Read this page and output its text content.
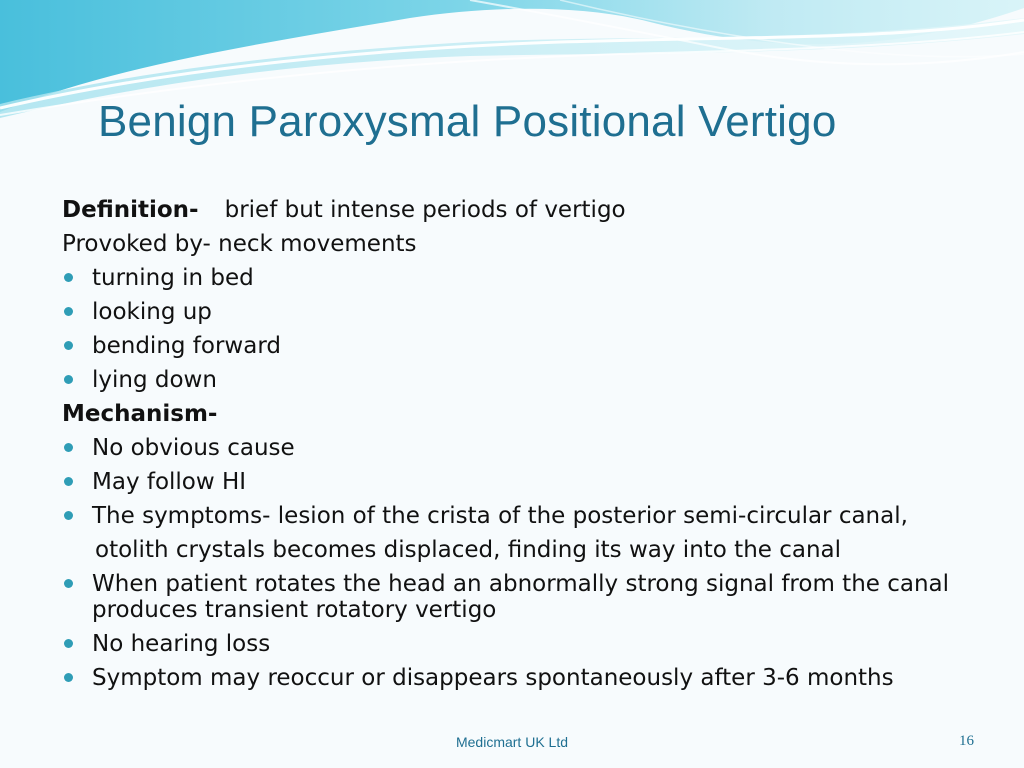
Benign Paroxysmal Positional Vertigo
Definition- brief but intense periods of vertigo
Provoked by- neck movements
turning in bed
looking up
bending forward
lying down
Mechanism-
No obvious cause
May follow HI
The symptoms- lesion of the crista of the posterior semi-circular canal,
otolith crystals becomes displaced, finding its way into the canal
When patient rotates the head an abnormally strong signal from the canal produces transient rotatory vertigo
No hearing loss
Symptom may reoccur or disappears spontaneously after 3-6 months
Medicmart UK Ltd	16
